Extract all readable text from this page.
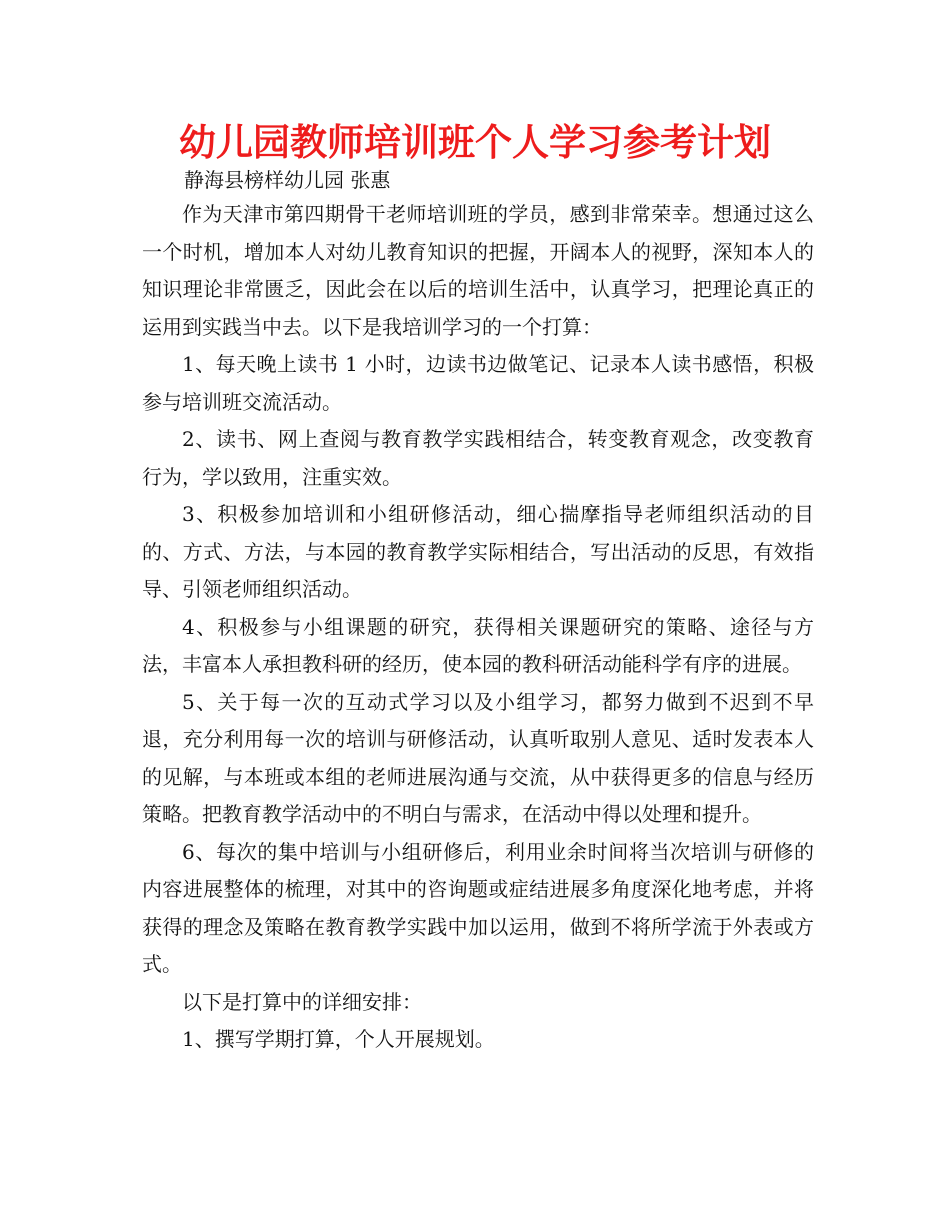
幼儿园教师培训班个人学习参考计划

静海县榜样幼儿园 张惠

作为天津市第四期骨干老师培训班的学员，感到非常荣幸。想通过这么一个时机，增加本人对幼儿教育知识的把握，开阔本人的视野，深知本人的知识理论非常匮乏，因此会在以后的培训生活中，认真学习，把理论真正的运用到实践当中去。以下是我培训学习的一个打算：

1、每天晚上读书 1 小时，边读书边做笔记、记录本人读书感悟，积极参与培训班交流活动。

2、读书、网上查阅与教育教学实践相结合，转变教育观念，改变教育行为，学以致用，注重实效。

3、积极参加培训和小组研修活动，细心揣摩指导老师组织活动的目的、方式、方法，与本园的教育教学实际相结合，写出活动的反思，有效指导、引领老师组织活动。

4、积极参与小组课题的研究，获得相关课题研究的策略、途径与方法，丰富本人承担教科研的经历，使本园的教科研活动能科学有序的进展。

5、关于每一次的互动式学习以及小组学习，都努力做到不迟到不早退，充分利用每一次的培训与研修活动，认真听取别人意见、适时发表本人的见解，与本班或本组的老师进展沟通与交流，从中获得更多的信息与经历策略。把教育教学活动中的不明白与需求，在活动中得以处理和提升。

6、每次的集中培训与小组研修后，利用业余时间将当次培训与研修的内容进展整体的梳理，对其中的咨询题或症结进展多角度深化地考虑，并将获得的理念及策略在教育教学实践中加以运用，做到不将所学流于外表或方式。

以下是打算中的详细安排：

1、撰写学期打算，个人开展规划。
